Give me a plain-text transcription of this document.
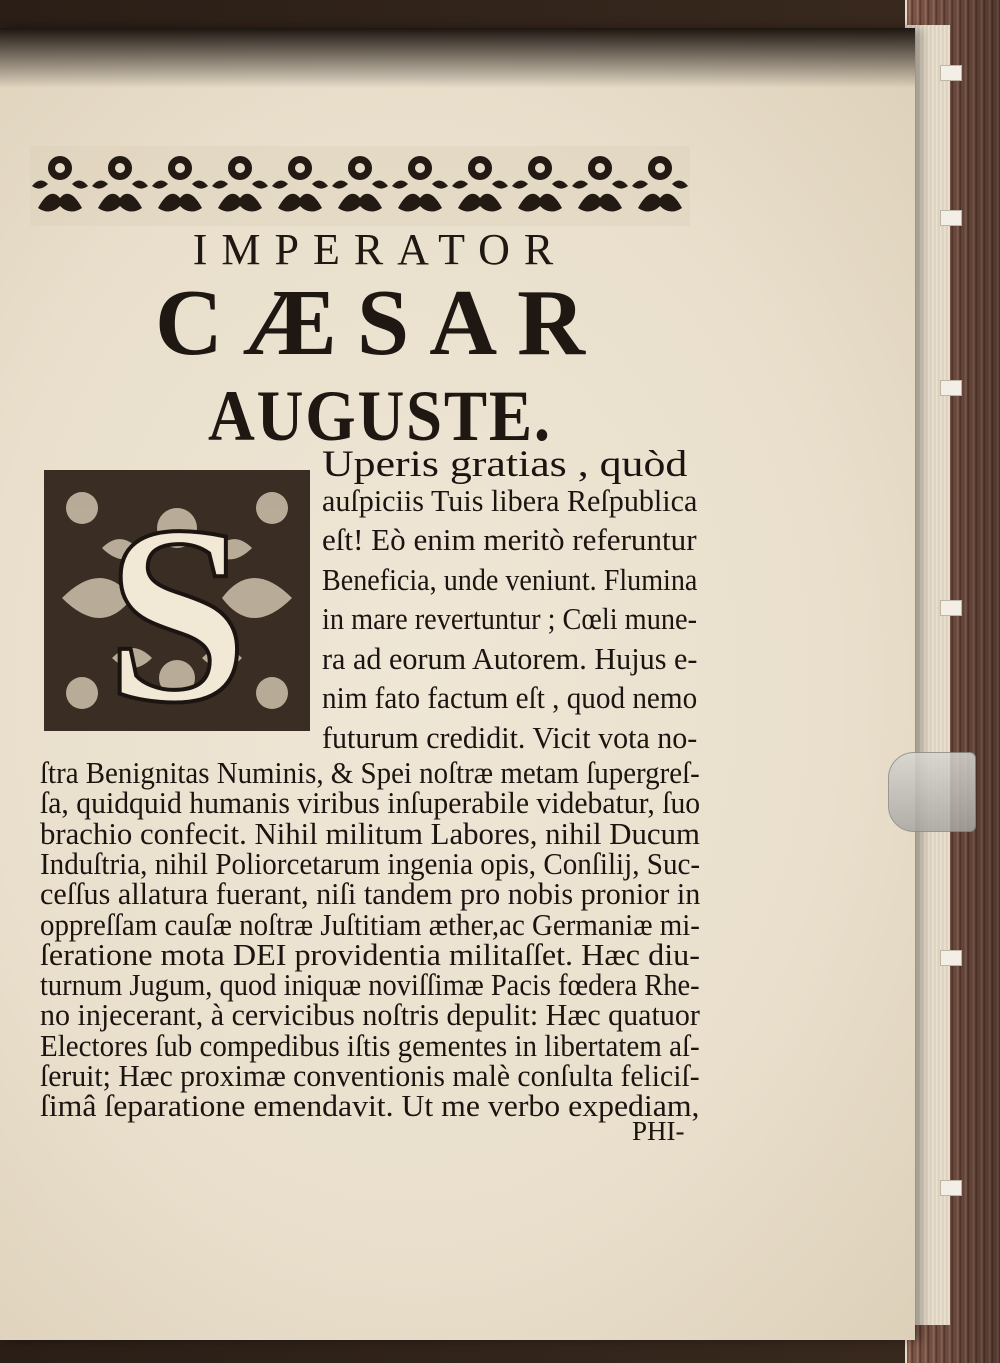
IMPERATOR
CÆSAR
AUGUSTE.
S
PHI-
Uperis gratias , quòd
auſpiciis Tuis libera Reſpublica
eſt! Eò enim meritò referuntur
Beneficia, unde veniunt. Flumina
in mare revertuntur ; Cœli mune-
ra ad eorum Autorem. Hujus e-
nim fato factum eſt , quod nemo
futurum credidit. Vicit vota no-
ſtra Benignitas Numinis, & Spei noſtræ metam ſupergreſ-
ſa, quidquid humanis viribus inſuperabile videbatur, ſuo
brachio confecit. Nihil militum Labores, nihil Ducum
Induſtria, nihil Poliorcetarum ingenia opis, Conſilij, Suc-
ceſſus allatura fuerant, niſi tandem pro nobis pronior in
oppreſſam cauſæ noſtræ Juſtitiam æther,ac Germaniæ mi-
ſeratione mota DEI providentia militaſſet. Hæc diu-
turnum Jugum, quod iniquæ noviſſimæ Pacis fœdera Rhe-
no injecerant, à cervicibus noſtris depulit: Hæc quatuor
Electores ſub compedibus iſtis gementes in libertatem aſ-
ſeruit; Hæc proximæ conventionis malè conſulta feliciſ-
ſimâ ſeparatione emendavit. Ut me verbo expediam,
